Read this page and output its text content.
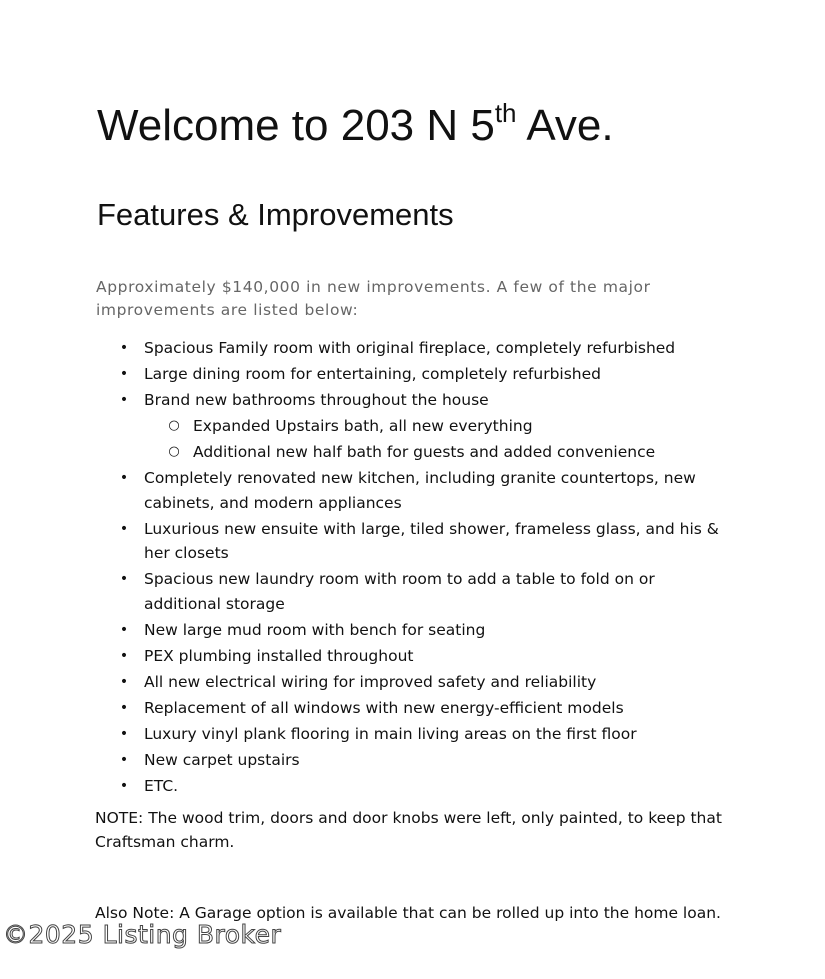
Welcome to 203 N 5th Ave.
Features & Improvements

Approximately $140,000 in new improvements. A few of the major improvements are listed below:

• Spacious Family room with original fireplace, completely refurbished
• Large dining room for entertaining, completely refurbished
• Brand new bathrooms throughout the house
○ Expanded Upstairs bath, all new everything
○ Additional new half bath for guests and added convenience
• Completely renovated new kitchen, including granite countertops, new cabinets, and modern appliances
• Luxurious new ensuite with large, tiled shower, frameless glass, and his & her closets
• Spacious new laundry room with room to add a table to fold on or additional storage
• New large mud room with bench for seating
• PEX plumbing installed throughout
• All new electrical wiring for improved safety and reliability
• Replacement of all windows with new energy-efficient models
• Luxury vinyl plank flooring in main living areas on the first floor
• New carpet upstairs
• ETC.

NOTE: The wood trim, doors and door knobs were left, only painted, to keep that Craftsman charm.

Also Note: A Garage option is available that can be rolled up into the home loan.

©2025 Listing Broker
